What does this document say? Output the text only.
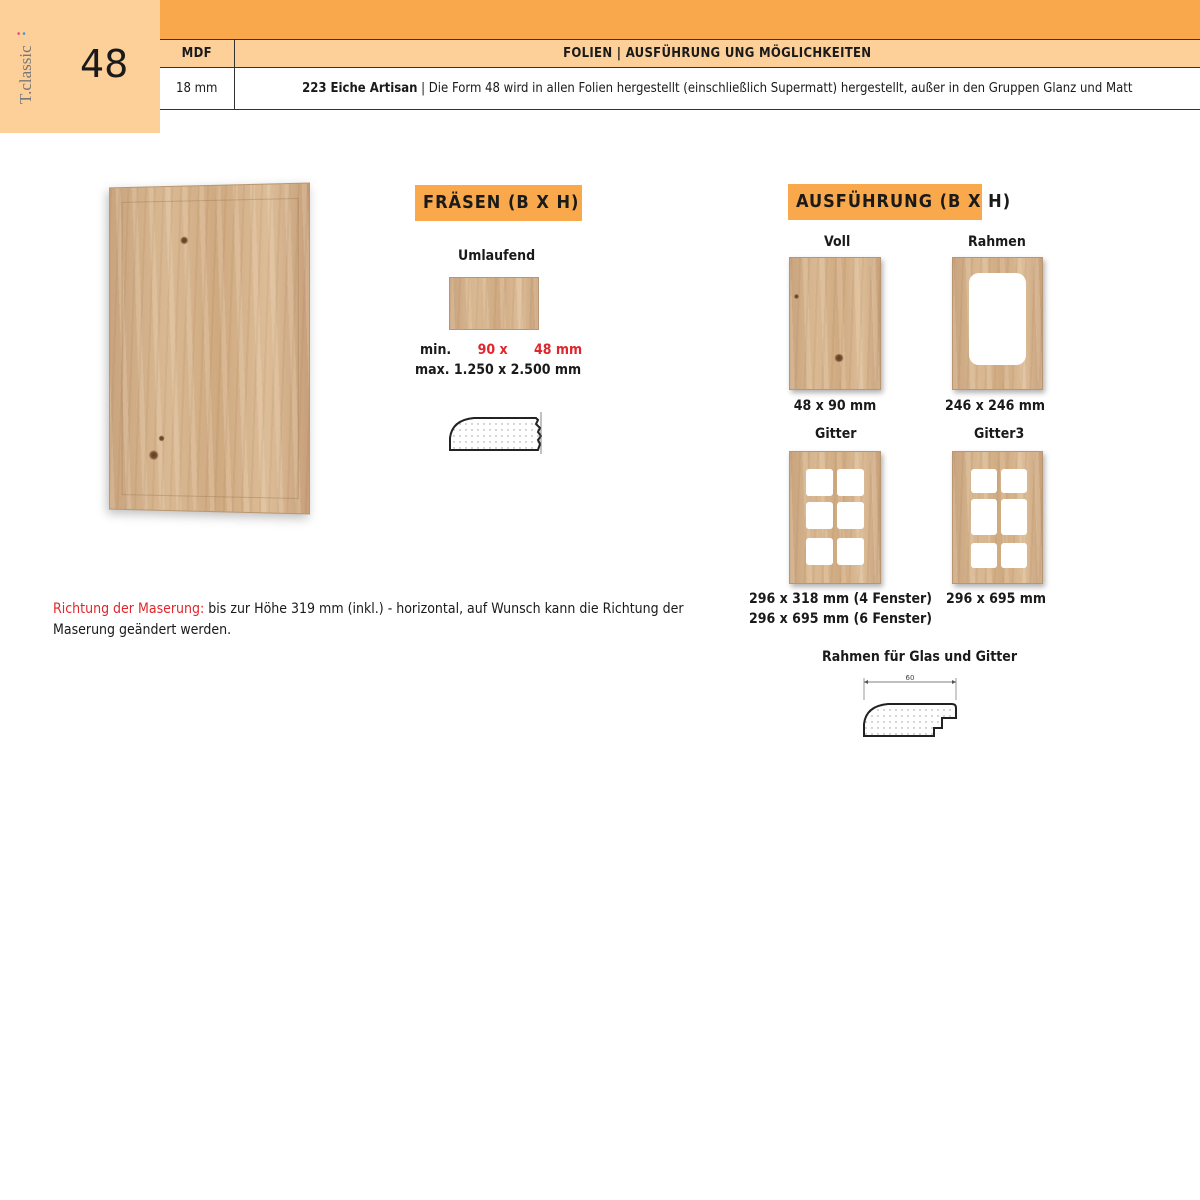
T.classic
••
48	MDF	FOLIEN | AUSFÜHRUNG UNG MÖGLICHKEITEN
18 mm	223 Eiche Artisan | Die Form 48 wird in allen Folien hergestellt (einschließlich Supermatt) hergestellt, außer in den Gruppen Glanz und Matt
FRÄSEN (B X H)
Umlaufend
min. 90 x 48 mm
max. 1.250 x 2.500 mm
AUSFÜHRUNG (B X H)
Voll
48 x 90 mm
Rahmen
246 x 246 mm
Gitter	Gitter3
296 x 318 mm (4 Fenster)
296 x 695 mm (6 Fenster)
296 x 695 mm
Rahmen für Glas und Gitter
60
Richtung der Maserung: bis zur Höhe 319 mm (inkl.) - horizontal, auf Wunsch kann die Richtung der Maserung geändert werden.
